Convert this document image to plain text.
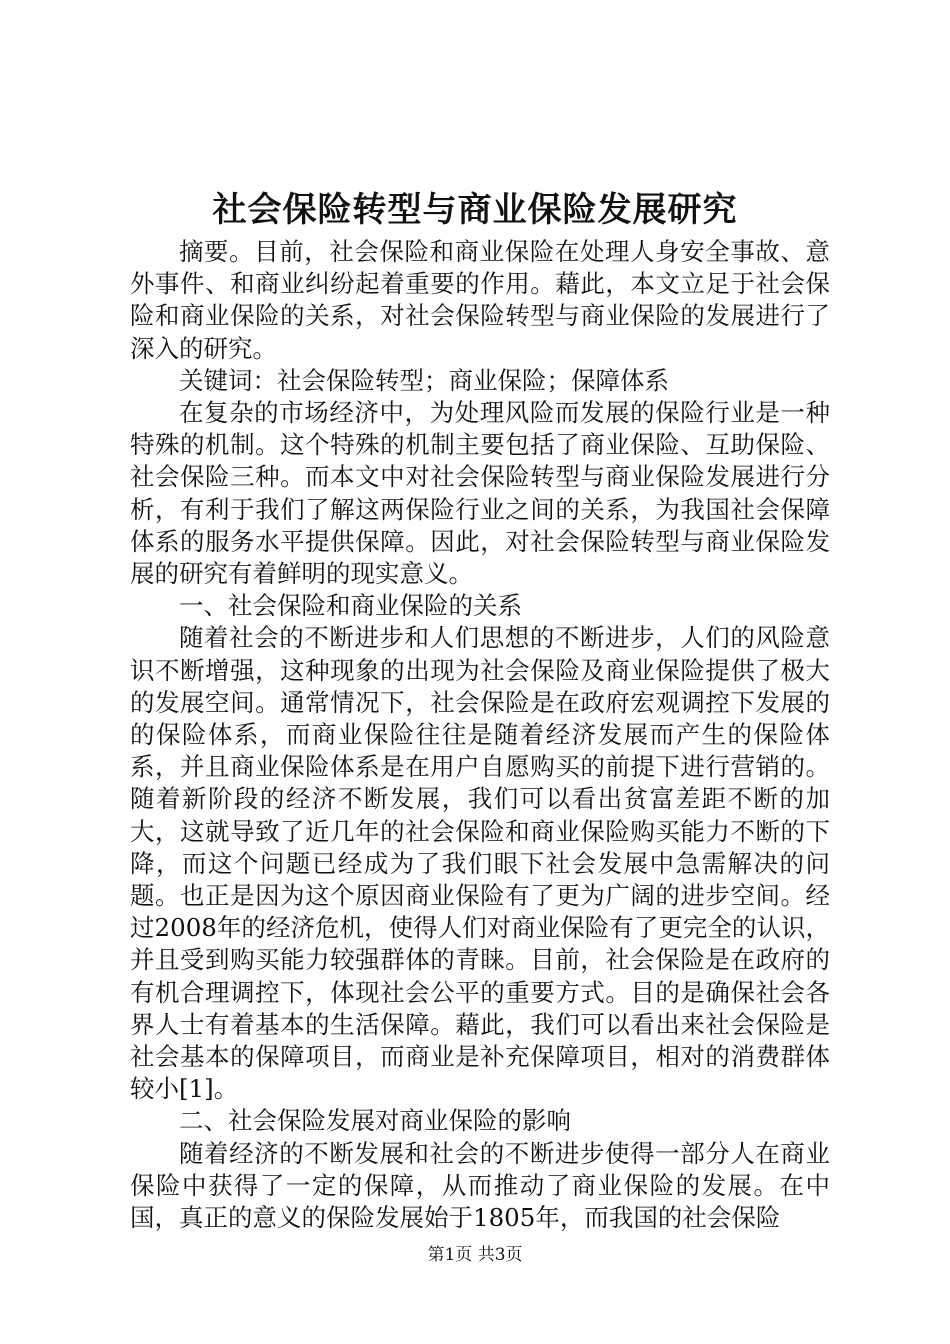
社会保险转型与商业保险发展研究

摘要。目前，社会保险和商业保险在处理人身安全事故、意外事件、和商业纠纷起着重要的作用。藉此，本文立足于社会保险和商业保险的关系，对社会保险转型与商业保险的发展进行了深入的研究。

关键词：社会保险转型；商业保险；保障体系

在复杂的市场经济中，为处理风险而发展的保险行业是一种特殊的机制。这个特殊的机制主要包括了商业保险、互助保险、社会保险三种。而本文中对社会保险转型与商业保险发展进行分析，有利于我们了解这两保险行业之间的关系，为我国社会保障体系的服务水平提供保障。因此，对社会保险转型与商业保险发展的研究有着鲜明的现实意义。

一、社会保险和商业保险的关系

随着社会的不断进步和人们思想的不断进步，人们的风险意识不断增强，这种现象的出现为社会保险及商业保险提供了极大的发展空间。通常情况下，社会保险是在政府宏观调控下发展的的保险体系，而商业保险往往是随着经济发展而产生的保险体系，并且商业保险体系是在用户自愿购买的前提下进行营销的。随着新阶段的经济不断发展，我们可以看出贫富差距不断的加大，这就导致了近几年的社会保险和商业保险购买能力不断的下降，而这个问题已经成为了我们眼下社会发展中急需解决的问题。也正是因为这个原因商业保险有了更为广阔的进步空间。经过2008年的经济危机，使得人们对商业保险有了更完全的认识，并且受到购买能力较强群体的青睐。目前，社会保险是在政府的有机合理调控下，体现社会公平的重要方式。目的是确保社会各界人士有着基本的生活保障。藉此，我们可以看出来社会保险是社会基本的保障项目，而商业是补充保障项目，相对的消费群体较小[1]。

二、社会保险发展对商业保险的影响

随着经济的不断发展和社会的不断进步使得一部分人在商业保险中获得了一定的保障，从而推动了商业保险的发展。在中国，真正的意义的保险发展始于1805年，而我国的社会保险

第1页 共3页
